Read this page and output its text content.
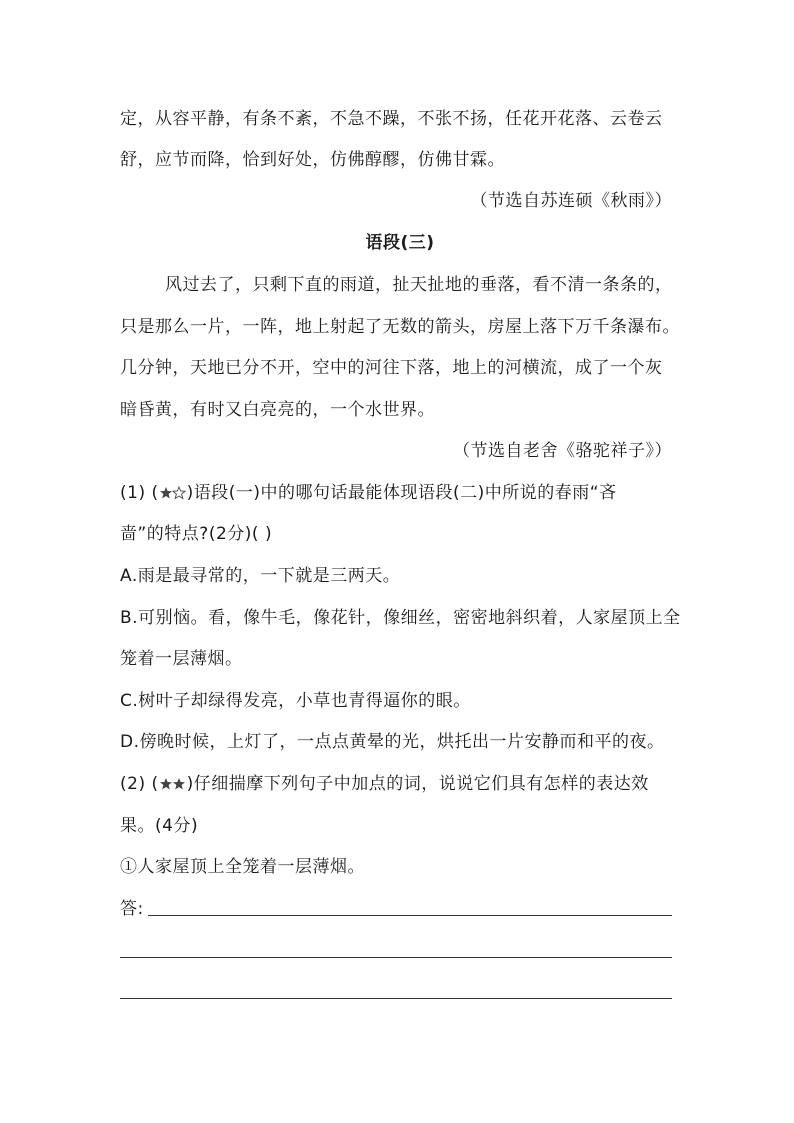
定，从容平静，有条不紊，不急不躁，不张不扬，任花开花落、云卷云
舒，应节而降，恰到好处，仿佛醇醪，仿佛甘霖。
（节选自苏连硕《秋雨》）
语段(三)
风过去了，只剩下直的雨道，扯天扯地的垂落，看不清一条条的，
只是那么一片，一阵，地上射起了无数的箭头，房屋上落下万千条瀑布。
几分钟，天地已分不开，空中的河往下落，地上的河横流，成了一个灰
暗昏黄，有时又白亮亮的，一个水世界。
（节选自老舍《骆驼祥子》）
(1) ( )语段(一)中的哪句话最能体现语段(二)中所说的春雨“吝
啬”的特点?(2分)( )
A.雨是最寻常的，一下就是三两天。
B.可别恼。看，像牛毛，像花针，像细丝，密密地斜织着，人家屋顶上全
笼着一层薄烟。
C.树叶子却绿得发亮，小草也青得逼你的眼。
D.傍晚时候，上灯了，一点点黄晕的光，烘托出一片安静而和平的夜。
(2) ( )仔细揣摩下列句子中加点的词，说说它们具有怎样的表达效
果。(4分)
①人家屋顶上全笼着一层薄烟。
答:
